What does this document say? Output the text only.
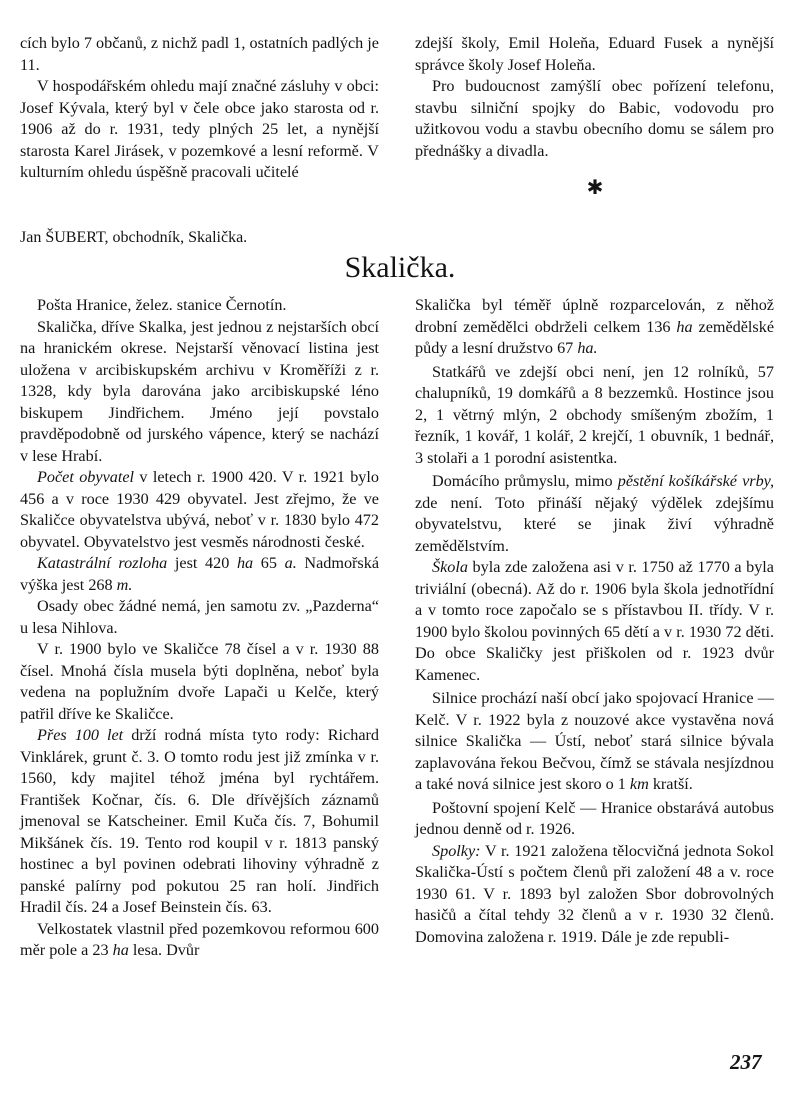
cích bylo 7 občanů, z nichž padl 1, ostatních padlých je 11.

V hospodářském ohledu mají značné zásluhy v obci: Josef Kývala, který byl v čele obce jako starosta od r. 1906 až do r. 1931, tedy plných 25 let, a nynější starosta Karel Jirásek, v pozemkové a lesní reformě. V kulturním ohledu úspěšně pracovali učitelé

zdejší školy, Emil Holeňa, Eduard Fusek a nynější správce školy Josef Holeňa.

Pro budoucnost zamýšlí obec pořízení telefonu, stavbu silniční spojky do Babic, vodovodu pro užitkovou vodu a stavbu obecního domu se sálem pro přednášky a divadla.

✱
Jan ŠUBERT, obchodník, Skalička.
Skalička.

Pošta Hranice, želez. stanice Černotín.

Skalička, dříve Skalka, jest jednou z nejstarších obcí na hranickém okrese. Nejstarší věnovací listina jest uložena v arcibiskupském archivu v Kroměříži z r. 1328, kdy byla darována jako arcibiskupské léno biskupem Jindřichem. Jméno její povstalo pravděpodobně od jurského vápence, který se nachází v lese Hrabí.

Počet obyvatel v letech r. 1900 420. V r. 1921 bylo 456 a v roce 1930 429 obyvatel. Jest zřejmo, že ve Skaličce obyvatelstva ubývá, neboť v r. 1830 bylo 472 obyvatel. Obyvatelstvo jest vesměs národnosti české.

Katastrální rozloha jest 420 ha 65 a. Nadmořská výška jest 268 m.

Osady obec žádné nemá, jen samotu zv. „Pazderna“ u lesa Nihlova.

V r. 1900 bylo ve Skaličce 78 čísel a v r. 1930 88 čísel. Mnohá čísla musela býti doplněna, neboť byla vedena na poplužním dvoře Lapači u Kelče, který patřil dříve ke Skaličce.

Přes 100 let drží rodná místa tyto rody: Richard Vinklárek, grunt č. 3. O tomto rodu jest již zmínka v r. 1560, kdy majitel téhož jména byl rychtářem. František Kočnar, čís. 6. Dle dřívějších záznamů jmenoval se Katscheiner. Emil Kuča čís. 7, Bohumil Mikšánek čís. 19. Tento rod koupil v r. 1813 panský hostinec a byl povinen odebrati lihoviny výhradně z panské palírny pod pokutou 25 ran holí. Jindřich Hradil čís. 24 a Josef Beinstein čís. 63.

Velkostatek vlastnil před pozemkovou reformou 600 měr pole a 23 ha lesa. Dvůr

Skalička byl téměř úplně rozparcelován, z něhož drobní zemědělci obdrželi celkem 136 ha zemědělské půdy a lesní družstvo 67 ha.

Statkářů ve zdejší obci není, jen 12 rolníků, 57 chalupníků, 19 domkářů a 8 bezzemků. Hostince jsou 2, 1 větrný mlýn, 2 obchody smíšeným zbožím, 1 řezník, 1 kovář, 1 kolář, 2 krejčí, 1 obuvník, 1 bednář, 3 stolaři a 1 porodní asistentka.

Domácího průmyslu, mimo pěstění košíkářské vrby, zde není. Toto přináší nějaký výdělek zdejšímu obyvatelstvu, které se jinak živí výhradně zemědělstvím.

Škola byla zde založena asi v r. 1750 až 1770 a byla triviální (obecná). Až do r. 1906 byla škola jednotřídní a v tomto roce započalo se s přístavbou II. třídy. V r. 1900 bylo školou povinných 65 dětí a v r. 1930 72 děti. Do obce Skaličky jest přiškolen od r. 1923 dvůr Kamenec.

Silnice prochází naší obcí jako spojovací Hranice — Kelč. V r. 1922 byla z nouzové akce vystavěna nová silnice Skalička — Ústí, neboť stará silnice bývala zaplavována řekou Bečvou, čímž se stávala nesjízdnou a také nová silnice jest skoro o 1 km kratší.

Poštovní spojení Kelč — Hranice obstarává autobus jednou denně od r. 1926.

Spolky: V r. 1921 založena tělocvičná jednota Sokol Skalička-Ústí s počtem členů při založení 48 a v. roce 1930 61. V r. 1893 byl založen Sbor dobrovolných hasičů a čítal tehdy 32 členů a v r. 1930 32 členů. Domovina založena r. 1919. Dále je zde republi-

237
